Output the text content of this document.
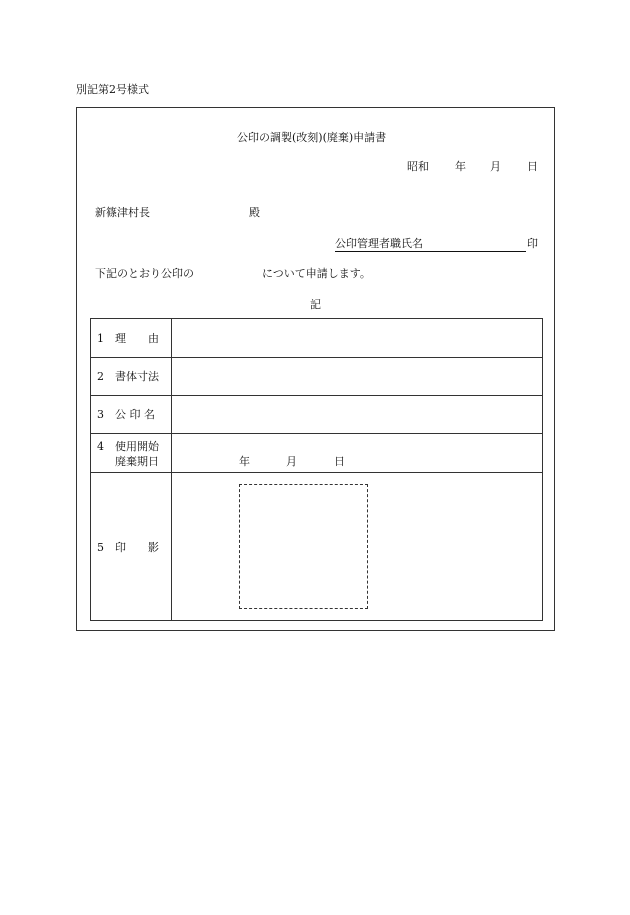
別記第2号様式
公印の調製(改刻)(廃棄)申請書
昭和 年 月 日
新篠津村長	殿
公印管理者職氏名	印
下記のとおり公印の	について申請します。
記
1 理　　由
2 書体寸法
3 公 印 名
4 使用開始
廃棄期日	年	月	日
5 印　　影
